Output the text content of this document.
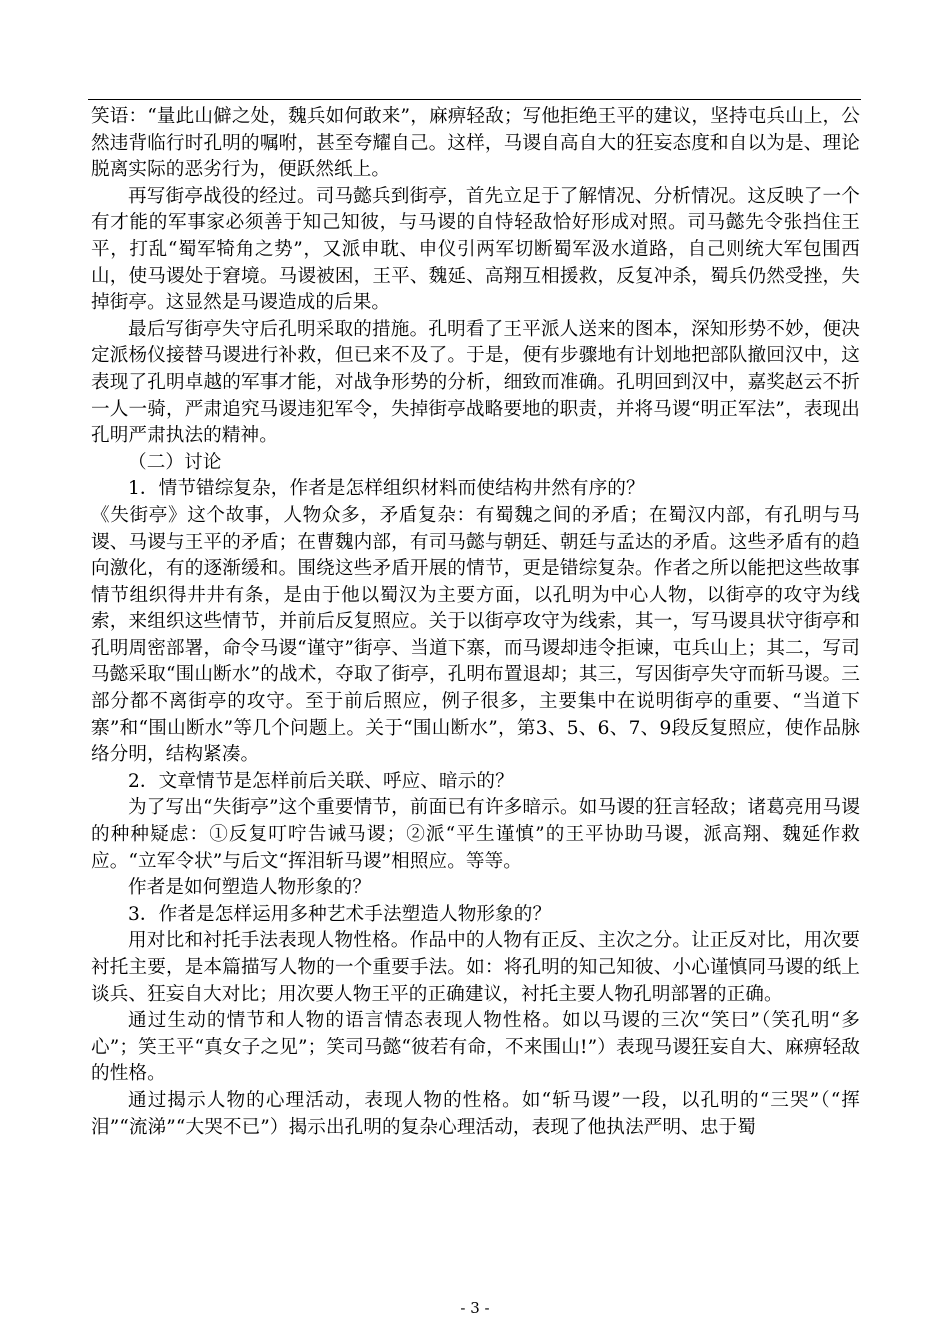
笑语：“量此山僻之处，魏兵如何敢来”，麻痹轻敌；写他拒绝王平的建议，坚持屯兵山上，公然违背临行时孔明的嘱咐，甚至夸耀自己。这样，马谡自高自大的狂妄态度和自以为是、理论脱离实际的恶劣行为，便跃然纸上。

再写街亭战役的经过。司马懿兵到街亭，首先立足于了解情况、分析情况。这反映了一个有才能的军事家必须善于知己知彼，与马谡的自恃轻敌恰好形成对照。司马懿先令张挡住王平，打乱“蜀军犄角之势”，又派申耽、申仪引两军切断蜀军汲水道路，自己则统大军包围西山，使马谡处于窘境。马谡被困，王平、魏延、高翔互相援救，反复冲杀，蜀兵仍然受挫，失掉街亭。这显然是马谡造成的后果。

最后写街亭失守后孔明采取的措施。孔明看了王平派人送来的图本，深知形势不妙，便决定派杨仪接替马谡进行补救，但已来不及了。于是，便有步骤地有计划地把部队撤回汉中，这表现了孔明卓越的军事才能，对战争形势的分析，细致而准确。孔明回到汉中，嘉奖赵云不折一人一骑，严肃追究马谡违犯军令，失掉街亭战略要地的职责，并将马谡“明正军法”，表现出孔明严肃执法的精神。

（二）讨论

1．情节错综复杂，作者是怎样组织材料而使结构井然有序的？

《失街亭》这个故事，人物众多，矛盾复杂：有蜀魏之间的矛盾；在蜀汉内部，有孔明与马谡、马谡与王平的矛盾；在曹魏内部，有司马懿与朝廷、朝廷与孟达的矛盾。这些矛盾有的趋向激化，有的逐渐缓和。围绕这些矛盾开展的情节，更是错综复杂。作者之所以能把这些故事情节组织得井井有条，是由于他以蜀汉为主要方面，以孔明为中心人物，以街亭的攻守为线索，来组织这些情节，并前后反复照应。关于以街亭攻守为线索，其一，写马谡具状守街亭和孔明周密部署，命令马谡“谨守”街亭、当道下寨，而马谡却违令拒谏，屯兵山上；其二，写司马懿采取“围山断水”的战术，夺取了街亭，孔明布置退却；其三，写因街亭失守而斩马谡。三部分都不离街亭的攻守。至于前后照应，例子很多，主要集中在说明街亭的重要、“当道下寨”和“围山断水”等几个问题上。关于“围山断水”，第3、5、6、7、9段反复照应，使作品脉络分明，结构紧凑。

2．文章情节是怎样前后关联、呼应、暗示的？

为了写出“失街亭”这个重要情节，前面已有许多暗示。如马谡的狂言轻敌；诸葛亮用马谡的种种疑虑：①反复叮咛告诫马谡；②派“平生谨慎”的王平协助马谡，派高翔、魏延作救应。“立军令状”与后文“挥泪斩马谡”相照应。等等。

作者是如何塑造人物形象的？

3．作者是怎样运用多种艺术手法塑造人物形象的？

用对比和衬托手法表现人物性格。作品中的人物有正反、主次之分。让正反对比，用次要衬托主要，是本篇描写人物的一个重要手法。如：将孔明的知己知彼、小心谨慎同马谡的纸上谈兵、狂妄自大对比；用次要人物王平的正确建议，衬托主要人物孔明部署的正确。

通过生动的情节和人物的语言情态表现人物性格。如以马谡的三次“笑曰”（笑孔明“多心”；笑王平“真女子之见”；笑司马懿“彼若有命，不来围山!”）表现马谡狂妄自大、麻痹轻敌的性格。

通过揭示人物的心理活动，表现人物的性格。如“斩马谡”一段，以孔明的“三哭”（“挥泪”“流涕”“大哭不已”）揭示出孔明的复杂心理活动，表现了他执法严明、忠于蜀

- 3 -
